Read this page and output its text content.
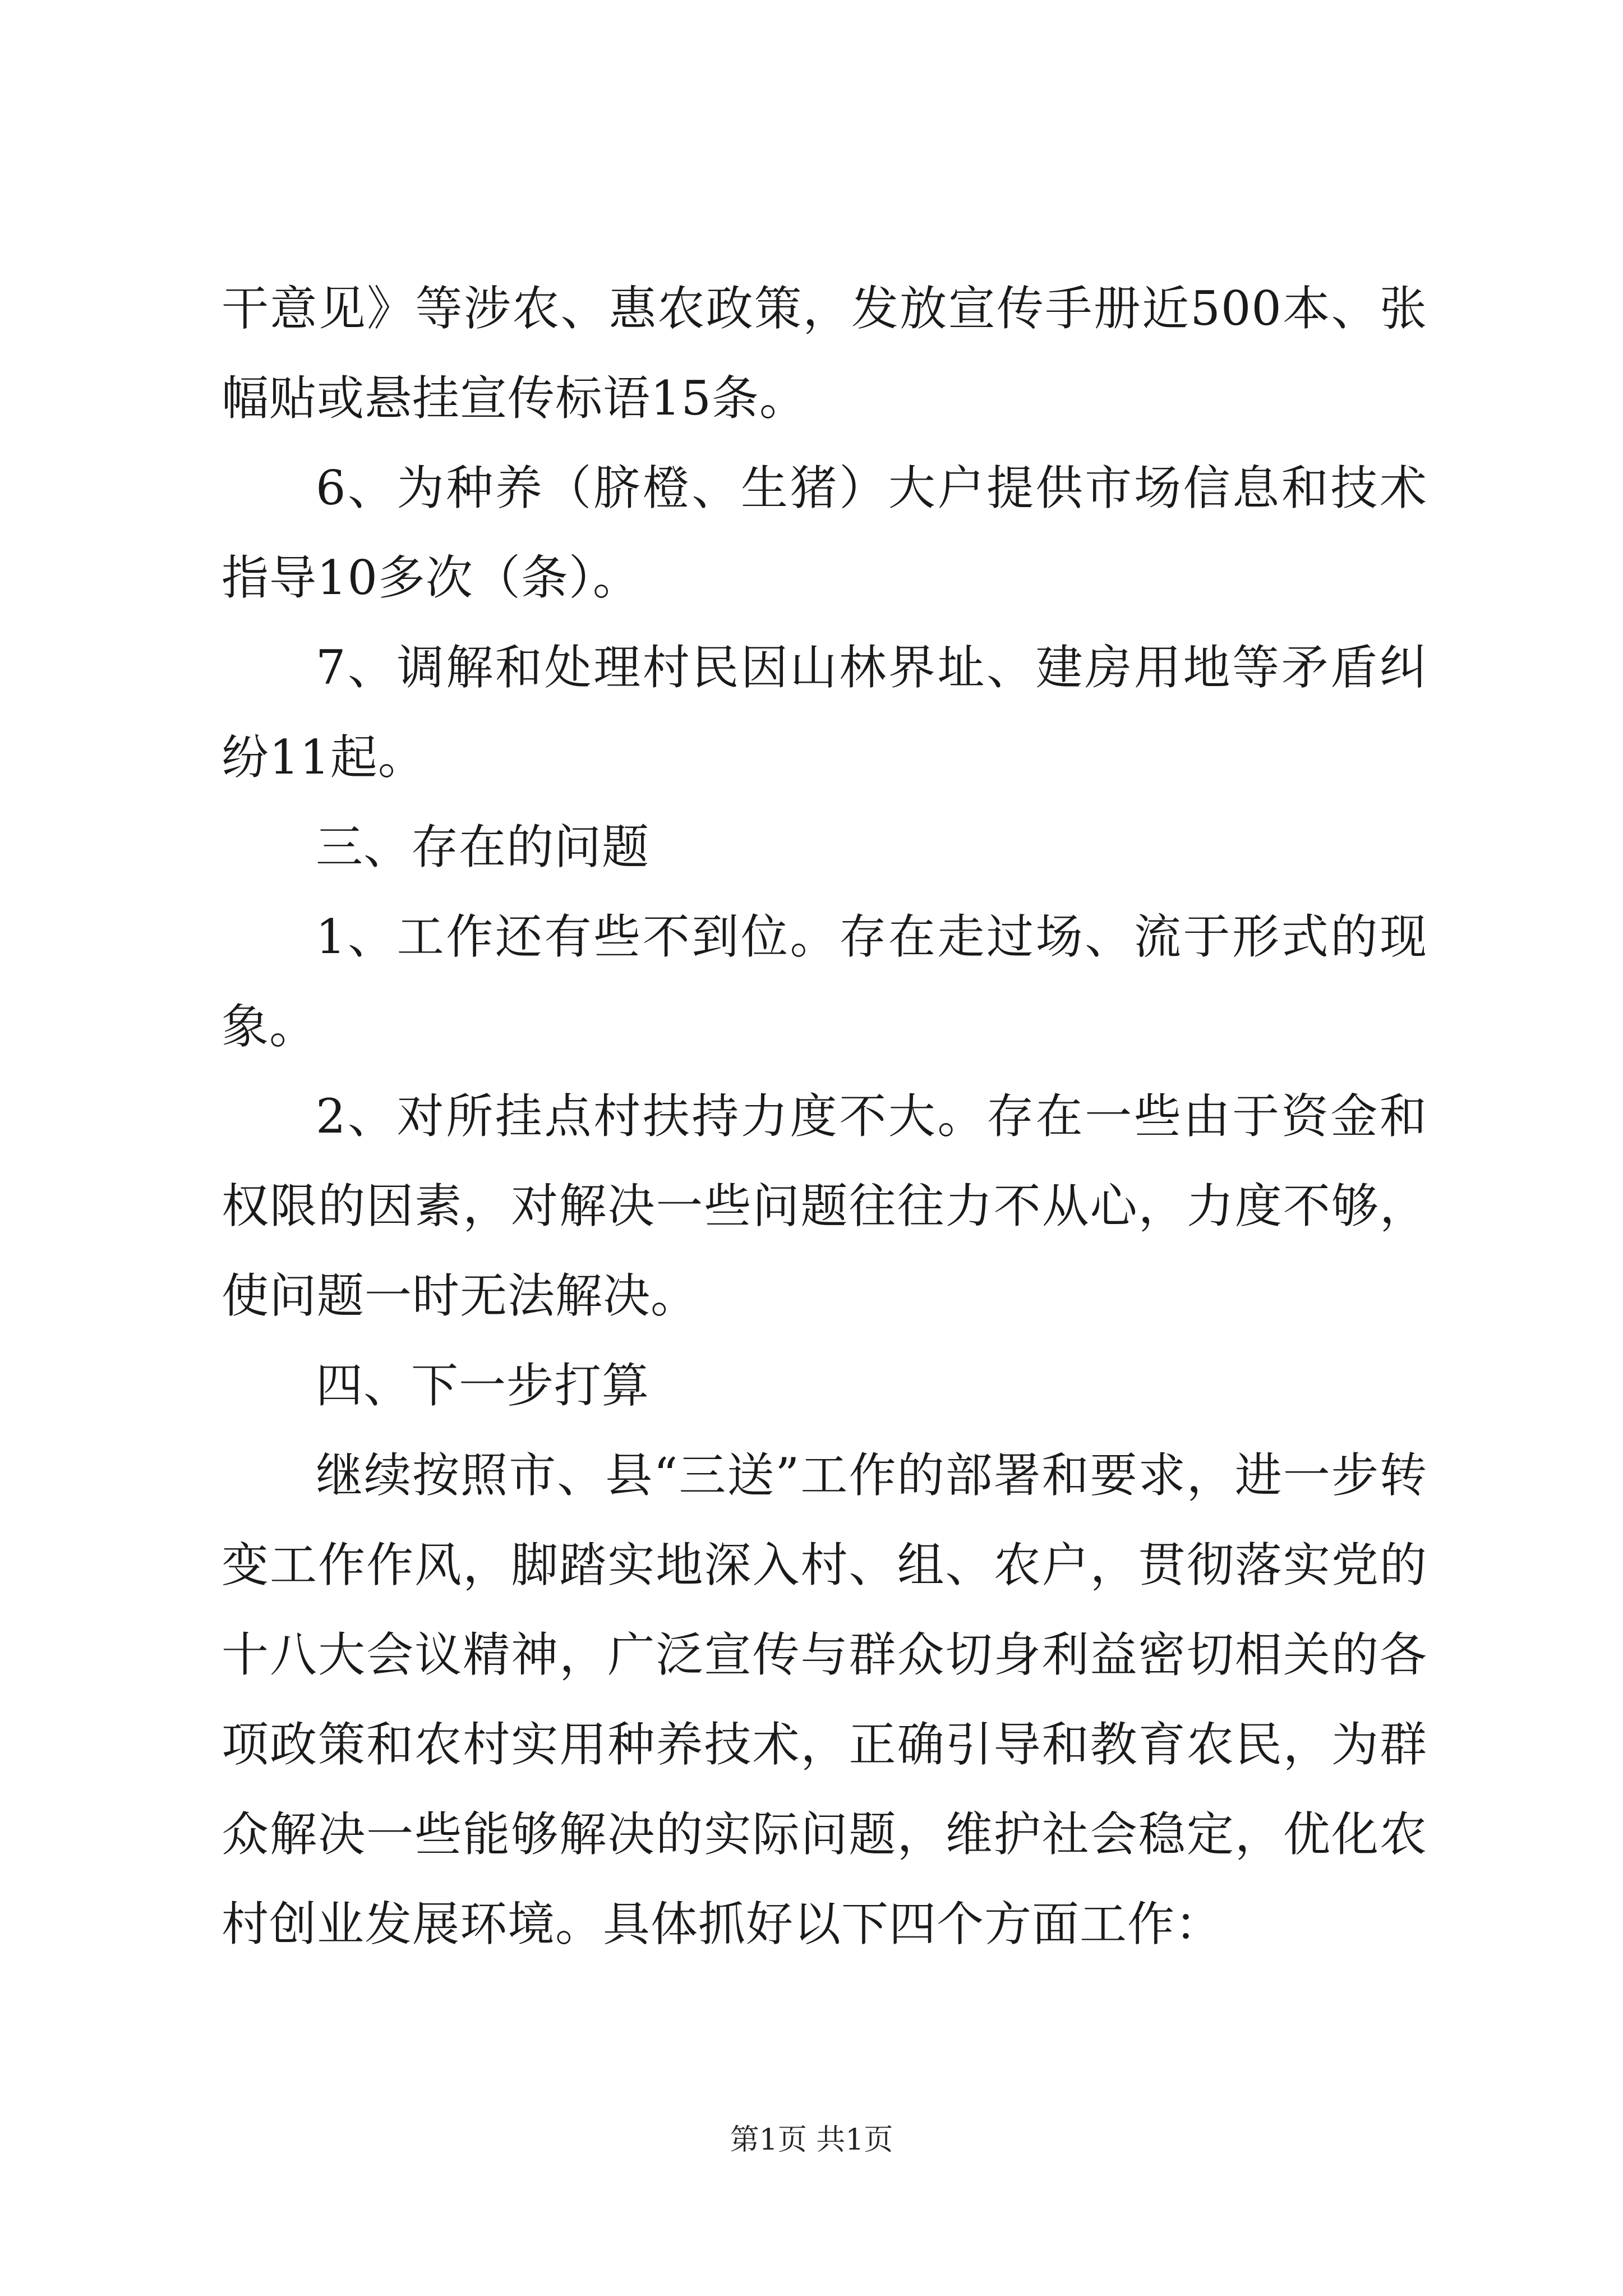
干意见》等涉农、惠农政策，发放宣传手册近500本、张幅贴或悬挂宣传标语15条。

6、为种养（脐橙、生猪）大户提供市场信息和技术指导10多次（条）。

7、调解和处理村民因山林界址、建房用地等矛盾纠纷11起。

三、存在的问题

1、工作还有些不到位。存在走过场、流于形式的现象。

2、对所挂点村扶持力度不大。存在一些由于资金和权限的因素，对解决一些问题往往力不从心，力度不够，使问题一时无法解决。

四、下一步打算

继续按照市、县“三送”工作的部署和要求，进一步转变工作作风，脚踏实地深入村、组、农户，贯彻落实党的十八大会议精神，广泛宣传与群众切身利益密切相关的各项政策和农村实用种养技术，正确引导和教育农民，为群众解决一些能够解决的实际问题，维护社会稳定，优化农村创业发展环境。具体抓好以下四个方面工作：

第1页 共1页
